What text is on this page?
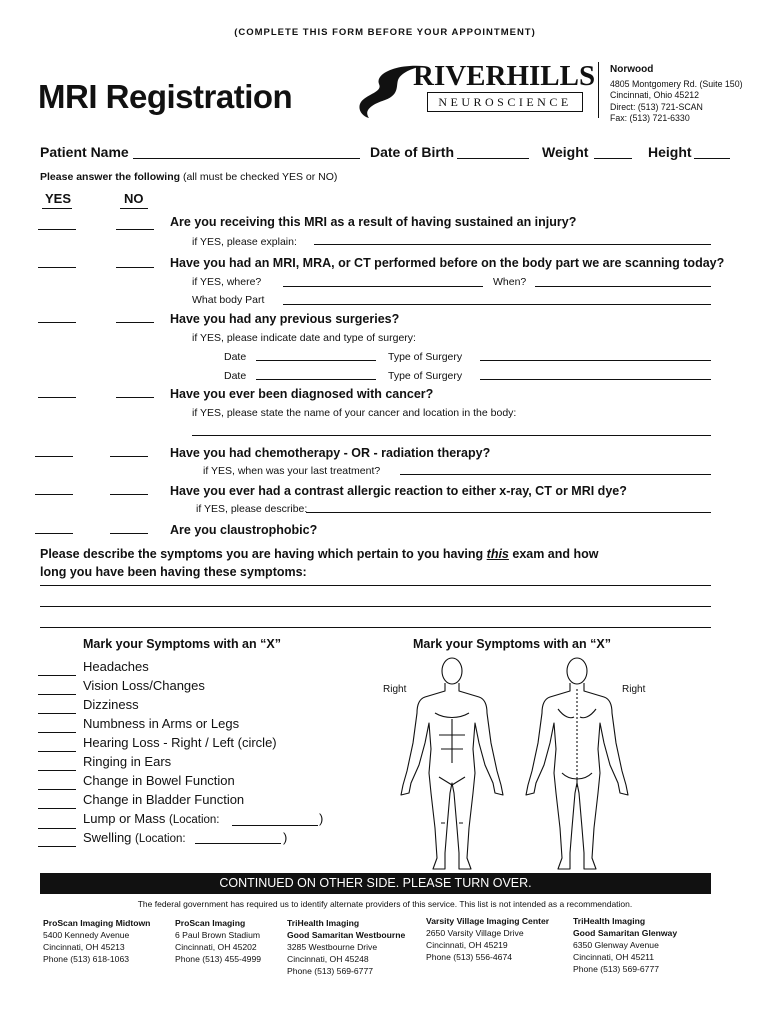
(COMPLETE THIS FORM BEFORE YOUR APPOINTMENT)
MRI Registration
RIVERHILLS
NEUROSCIENCE
Norwood
4805 Montgomery Rd. (Suite 150)
Cincinnati, Ohio 45212
Direct: (513) 721-SCAN
Fax: (513) 721-6330
Patient Name	Date of Birth	Weight	Height
Please answer the following (all must be checked YES or NO)
YES	NO
Are you receiving this MRI as a result of having sustained an injury?
if YES, please explain:
Have you had an MRI, MRA, or CT performed before on the body part we are scanning today?
if YES, where?	When?
What body Part
Have you had any previous surgeries?
if YES, please indicate date and type of surgery:
Date	Type of Surgery
Date	Type of Surgery
Have you ever been diagnosed with cancer?
if YES, please state the name of your cancer and location in the body:
Have you had chemotherapy - OR - radiation therapy?
if YES, when was your last treatment?
Have you ever had a contrast allergic reaction to either x-ray, CT or MRI dye?
if YES, please describe:
Are you claustrophobic?
Please describe the symptoms you are having which pertain to you having this exam and how
long you have been having these symptoms:
Mark your Symptoms with an “X”	Mark your Symptoms with an “X”
Headaches
Vision Loss/Changes
Dizziness
Numbness in Arms or Legs
Hearing Loss - Right / Left (circle)
Ringing in Ears
Change in Bowel Function
Change in Bladder Function
Lump or Mass (Location:	)
Swelling (Location:	)
Right	Right
CONTINUED ON OTHER SIDE. PLEASE TURN OVER.
The federal government has required us to identify alternate providers of this service. This list is not intended as a recommendation.
ProScan Imaging Midtown
5400 Kennedy Avenue
Cincinnati, OH 45213
Phone (513) 618-1063
ProScan Imaging
6 Paul Brown Stadium
Cincinnati, OH 45202
Phone (513) 455-4999
TriHealth Imaging
Good Samaritan Westbourne
3285 Westbourne Drive
Cincinnati, OH 45248
Phone (513) 569-6777
Varsity Village Imaging Center
2650 Varsity Village Drive
Cincinnati, OH 45219
Phone (513) 556-4674
TriHealth Imaging
Good Samaritan Glenway
6350 Glenway Avenue
Cincinnati, OH 45211
Phone (513) 569-6777
